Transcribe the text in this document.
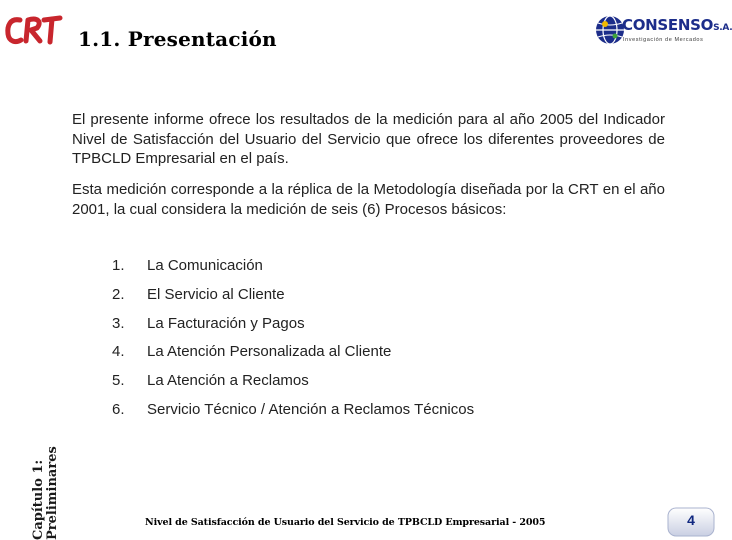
1.1. Presentación
CONSENSOS.A.
Investigación de Mercados

El presente informe ofrece los resultados de la medición para al año 2005 del Indicador Nivel de Satisfacción del Usuario del Servicio que ofrece los diferentes proveedores de TPBCLD Empresarial en el país.

Esta medición corresponde a la réplica de la Metodología diseñada por la CRT en el año 2001, la cual considera la medición de seis (6) Procesos básicos:

1. La Comunicación
2. El Servicio al Cliente
3. La Facturación y Pagos
4. La Atención Personalizada al Cliente
5. La Atención a Reclamos
6. Servicio Técnico / Atención a Reclamos Técnicos
Capítulo 1: Preliminares	Nivel de Satisfacción de Usuario del Servicio de TPBCLD Empresarial - 2005	4
